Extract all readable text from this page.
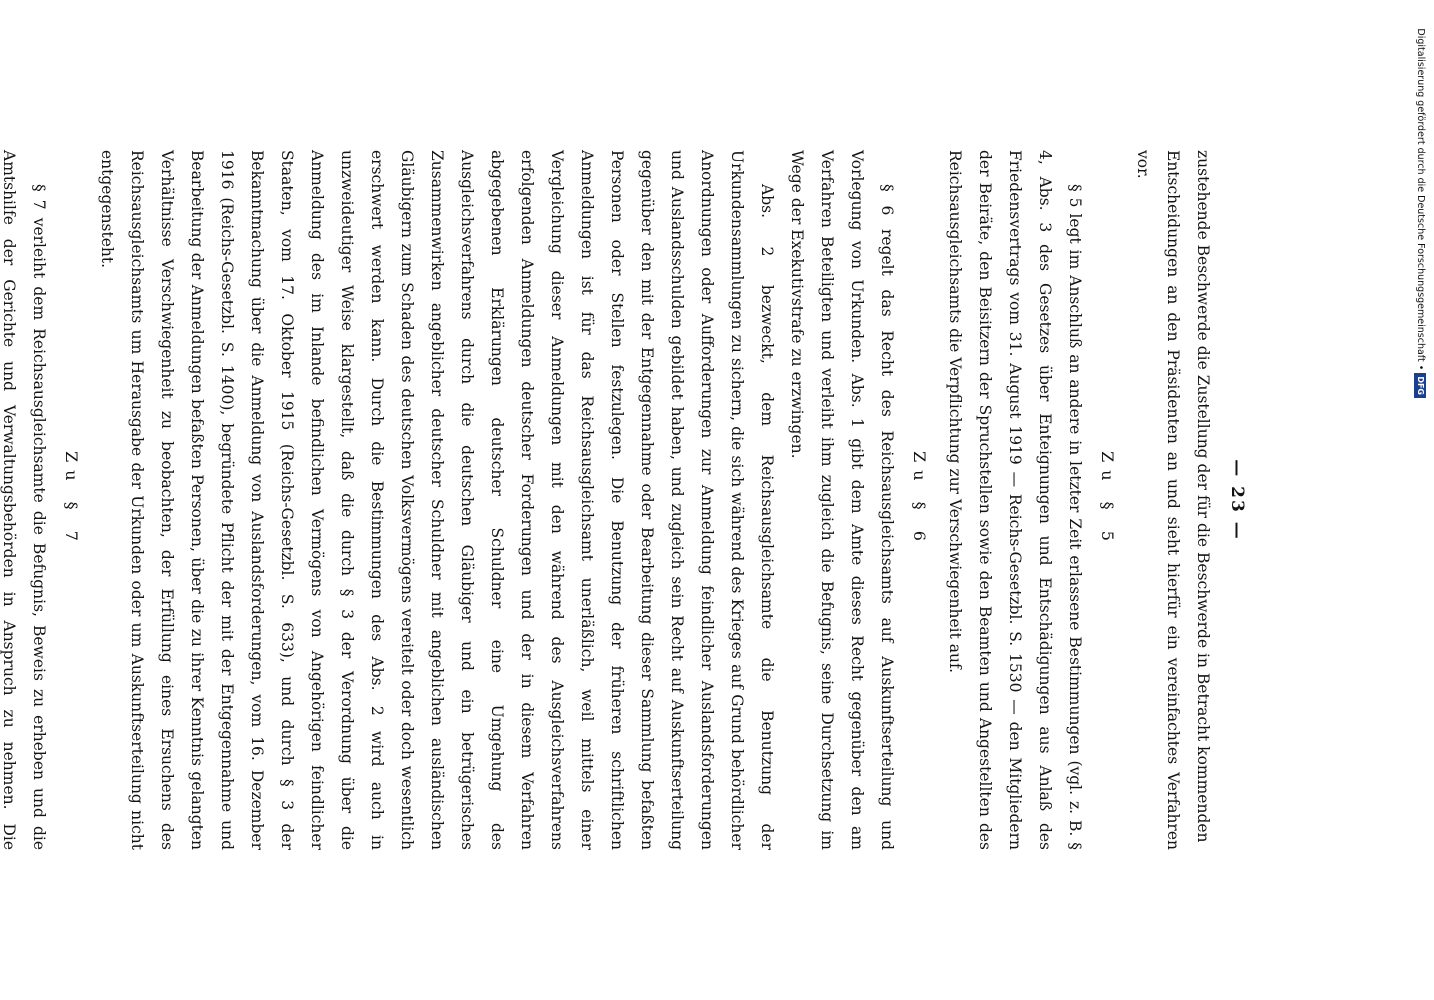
— 23 —

zustehende Beschwerde die Zustellung der für die Beschwerde in Betracht kommenden

Entscheidungen an den Präsidenten an und sieht hierfür ein vereinfachtes Verfahren vor.

Zu § 5

§ 5 legt im Anschluß an andere in letzter Zeit erlassene Bestimmungen (vgl. z. B. § 4, Abs. 3 des Gesetzes über Enteignungen und Entschädigungen aus Anlaß des Friedensvertrags vom 31. August 1919 — Reichs-Gesetzbl. S. 1530 — den Mitgliedern der Beiräte, den Beisitzern der Spruchstellen sowie den Beamten und Angestellten des Reichsausgleichsamts die Verpflichtung zur Verschwiegenheit auf.

Zu § 6

§ 6 regelt das Recht des Reichsausgleichsamts auf Auskunftserteilung und Vorlegung von Urkunden. Abs. 1 gibt dem Amte dieses Recht gegenüber den am Verfahren Beteiligten und verleiht ihm zugleich die Befugnis, seine Durchsetzung im Wege der Exekutivstrafe zu erzwingen.

Abs. 2 bezweckt, dem Reichsausgleichsamte die Benutzung der Urkundensammlungen zu sichern, die sich während des Krieges auf Grund behördlicher Anordnungen oder Aufforderungen zur Anmeldung feindlicher Auslandsforderungen und Auslandsschulden gebildet haben, und zugleich sein Recht auf Auskunftserteilung gegenüber den mit der Entgegennahme oder Bearbeitung dieser Sammlung befaßten Personen oder Stellen festzulegen. Die Benutzung der früheren schriftlichen Anmeldungen ist für das Reichsausgleichsamt unerläßlich, weil mittels einer Vergleichung dieser Anmeldungen mit den während des Ausgleichsverfahrens erfolgenden Anmeldungen deutscher Forderungen und der in diesem Verfahren abgegebenen Erklärungen deutscher Schuldner eine Umgehung des Ausgleichsverfahrens durch die deutschen Gläubiger und ein betrügerisches Zusammenwirken angeblicher deutscher Schuldner mit angeblichen ausländischen Gläubigern zum Schaden des deutschen Volksvermögens vereitelt oder doch wesentlich erschwert werden kann. Durch die Bestimmungen des Abs. 2 wird auch in unzweideutiger Weise klargestellt, daß die durch § 3 der Verordnung über die Anmeldung des im Inlande befindlichen Vermögens von Angehörigen feindlicher Staaten, vom 17. Oktober 1915 (Reichs-Gesetzbl. S. 633), und durch § 3 der Bekanntmachung über die Anmeldung von Auslandsforderungen, vom 16. Dezember 1916 (Reichs-Gesetzbl. S. 1400), begründete Pflicht der mit der Entgegennahme und Bearbeitung der Anmeldungen befaßten Personen, über die zu ihrer Kenntnis gelangten Verhältnisse Verschwiegenheit zu beobachten, der Erfüllung eines Ersuchens des Reichsausgleichsamts um Herausgabe der Urkunden oder um Auskunftserteilung nicht entgegensteht.

Zu § 7

§ 7 verleiht dem Reichsausgleichsamte die Befugnis, Beweis zu erheben und die Amtshilfe der Gerichte und Verwaltungsbehörden in Anspruch zu nehmen. Die

Digitalisierung gefördert durch die Deutsche Forschungsgemeinschaft •DFG
